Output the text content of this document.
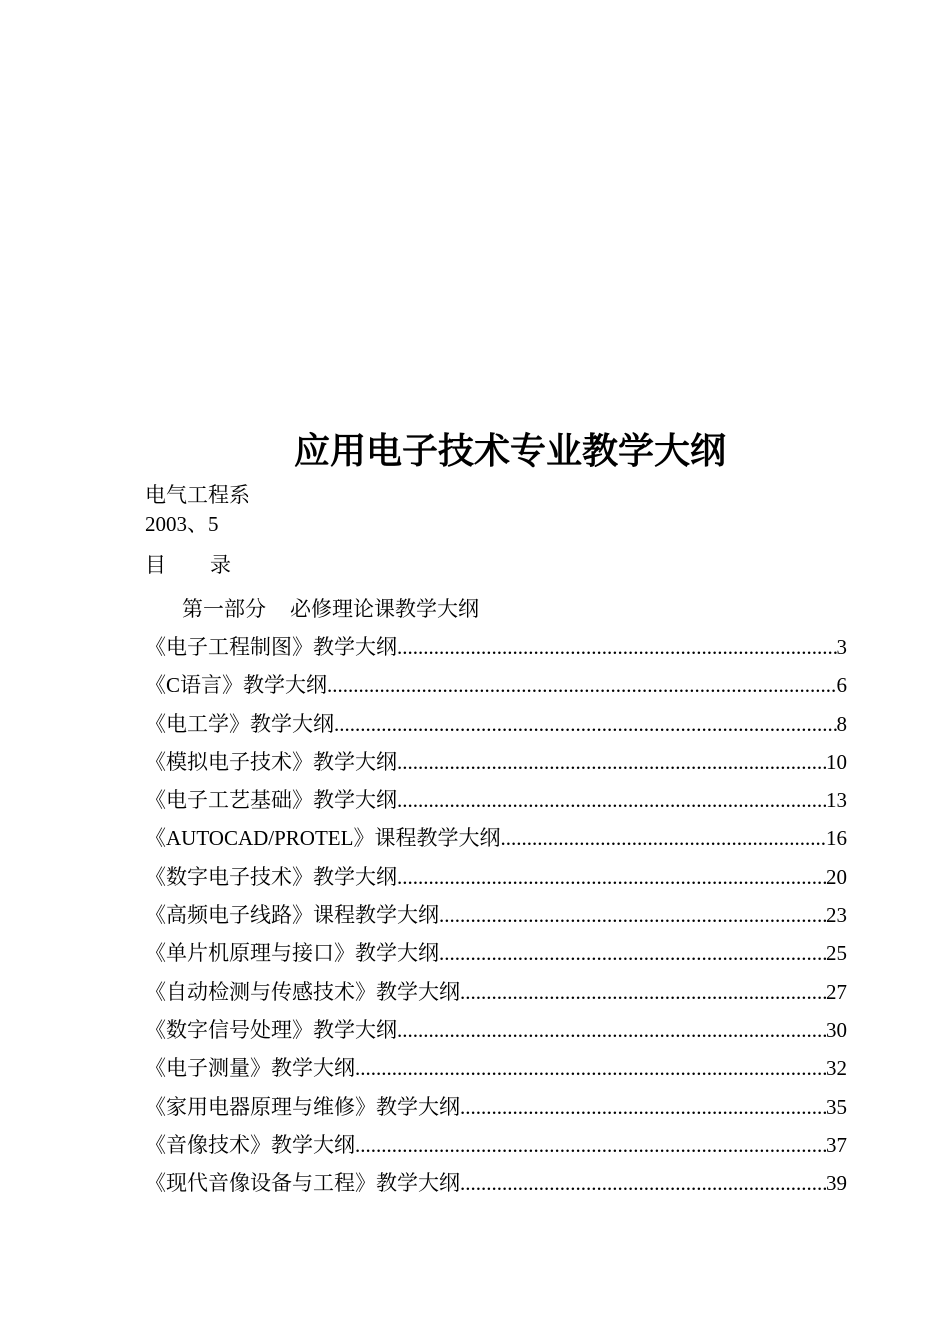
应用电子技术专业教学大纲
电气工程系
2003、5
目 录
第一部分 必修理论课教学大纲
《电子工程制图》教学大纲 .....	3
《C语言》教学大纲 .....	6
《电工学》教学大纲 .....	8
《模拟电子技术》教学大纲 .....	10
《电子工艺基础》教学大纲 .....	13
《AUTOCAD/PROTEL》课程教学大纲 .....	16
《数字电子技术》教学大纲 .....	20
《高频电子线路》课程教学大纲 .....	23
《单片机原理与接口》教学大纲 .....	25
《自动检测与传感技术》教学大纲 .....	27
《数字信号处理》教学大纲 .....	30
《电子测量》教学大纲 .....	32
《家用电器原理与维修》教学大纲 .....	35
《音像技术》教学大纲 .....	37
《现代音像设备与工程》教学大纲 .....	39
